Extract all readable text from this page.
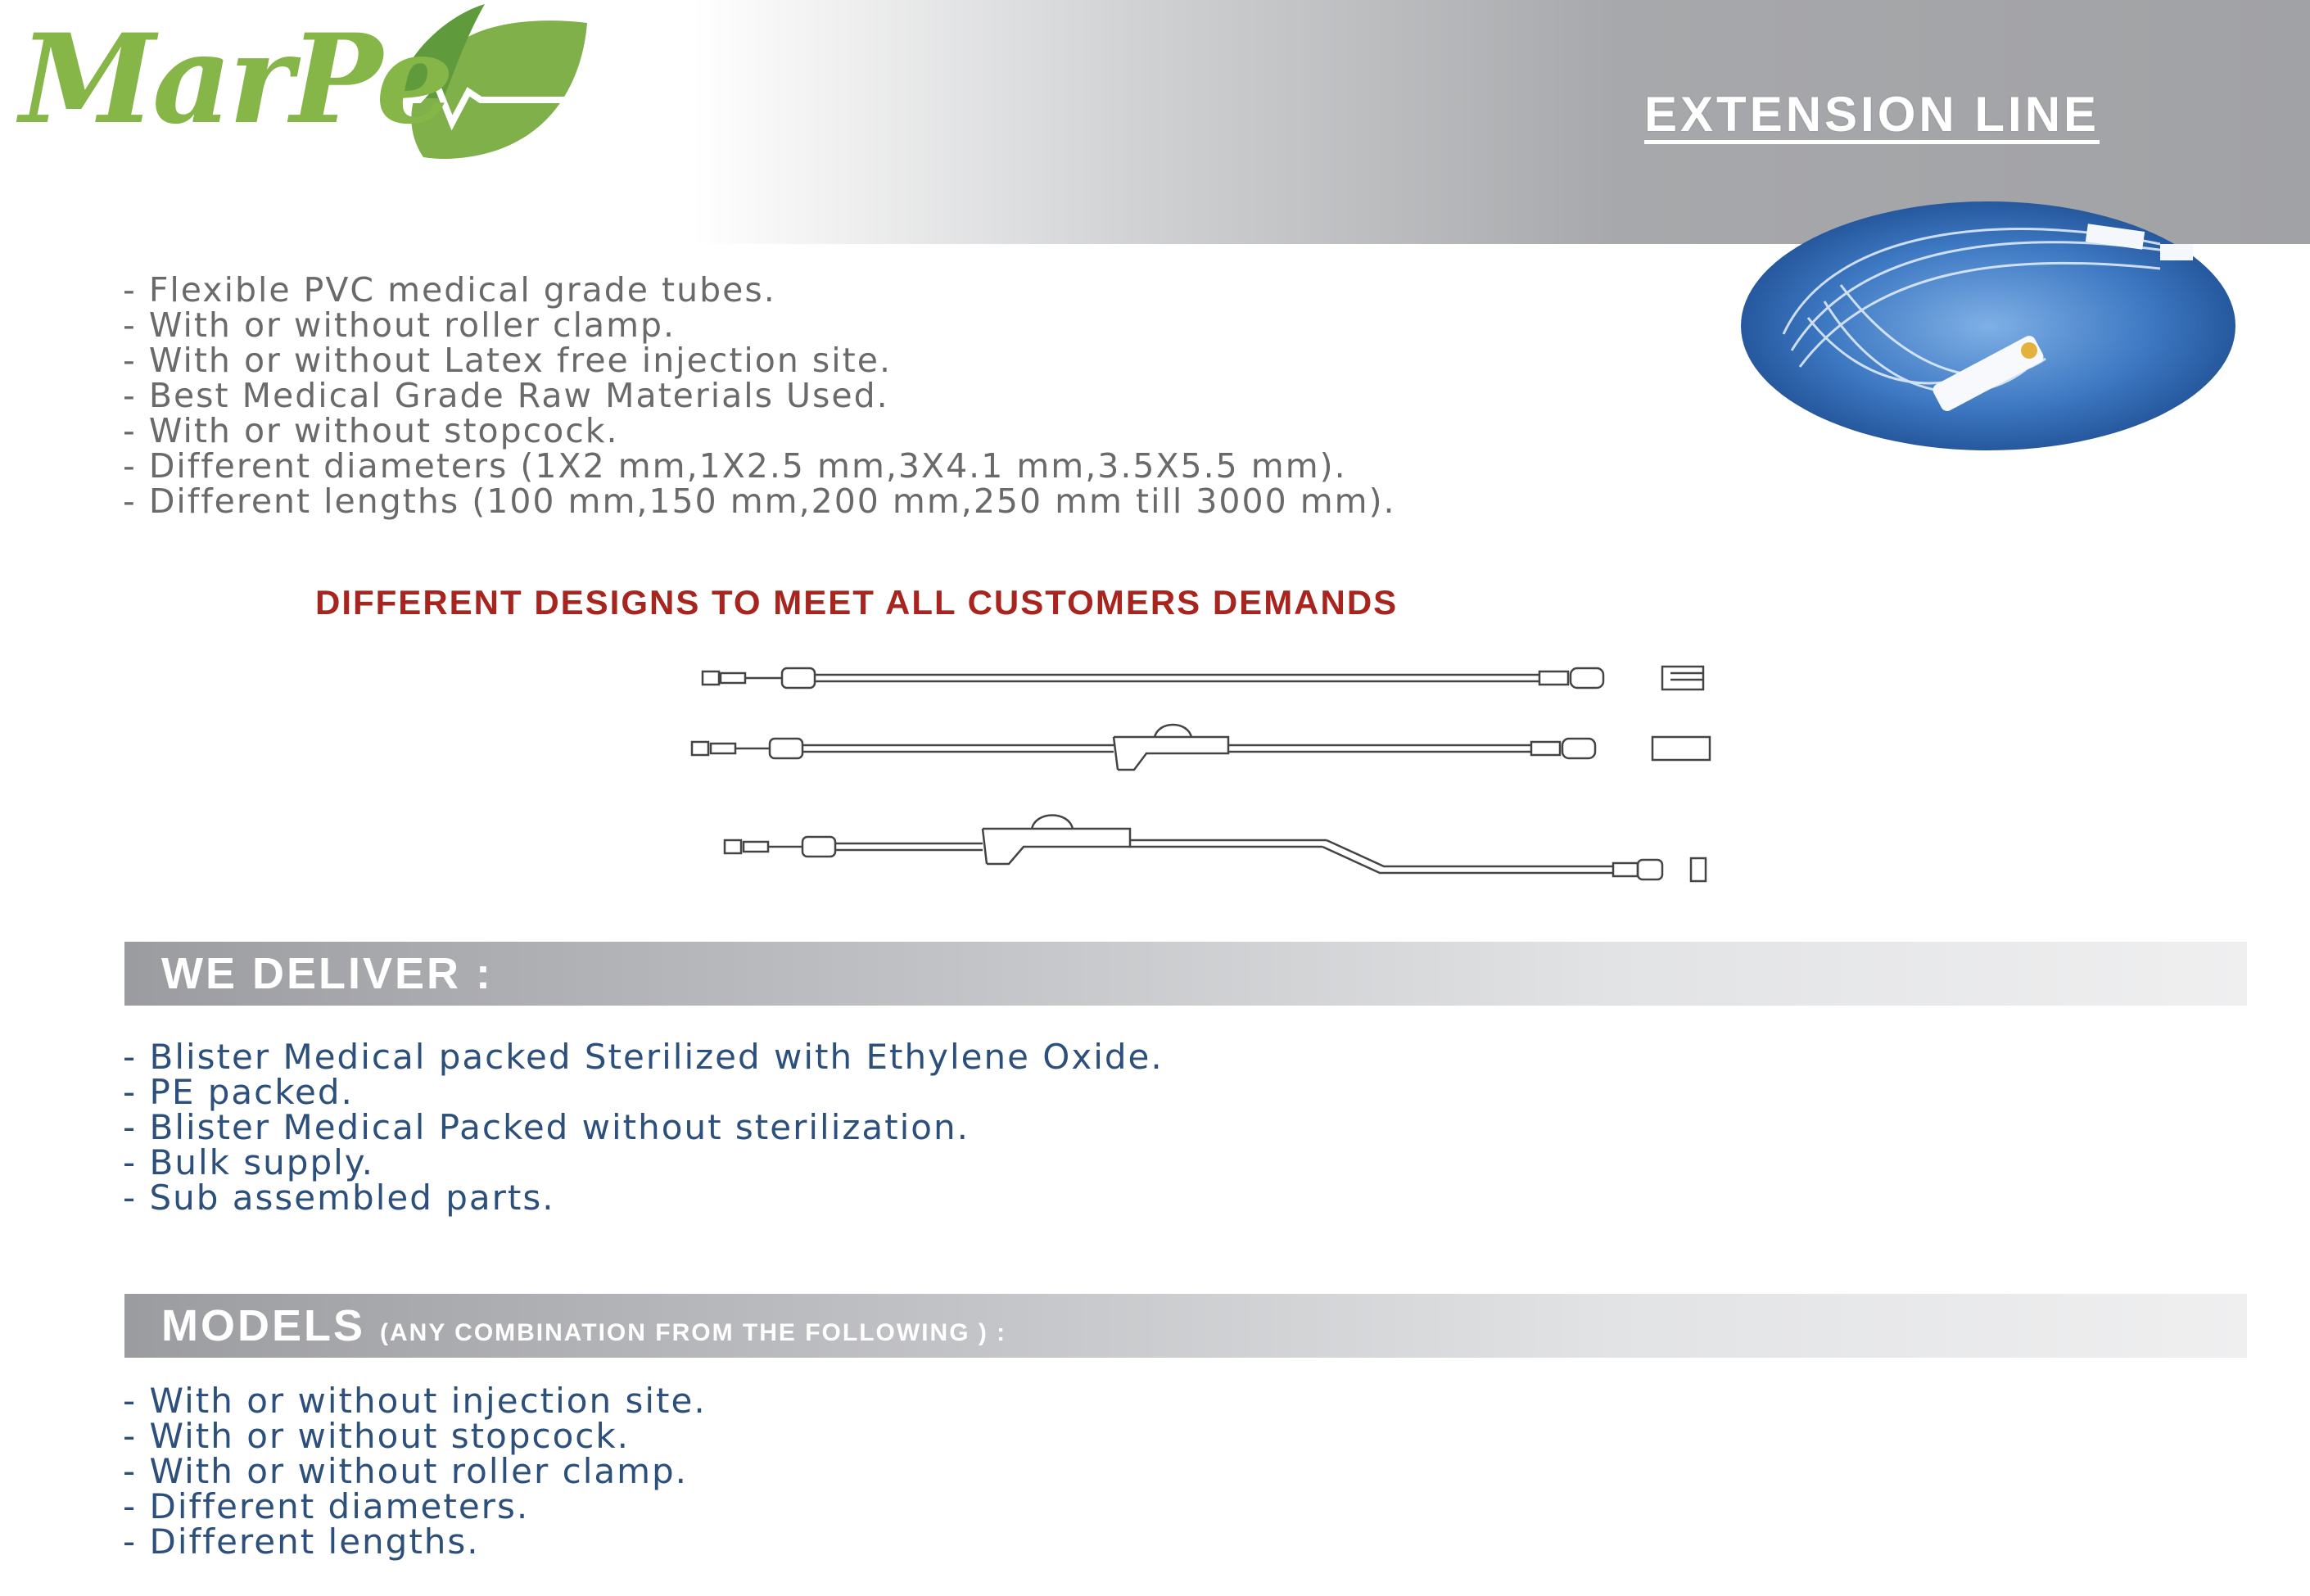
MarPe	EXTENSION LINE
- Flexible PVC medical grade tubes.
- With or without roller clamp.
- With or without Latex free injection site.
- Best Medical Grade Raw Materials Used.
- With or without stopcock.
- Different diameters (1X2 mm,1X2.5 mm,3X4.1 mm,3.5X5.5 mm).
- Different lengths (100 mm,150 mm,200 mm,250 mm till 3000 mm).
DIFFERENT DESIGNS TO MEET ALL CUSTOMERS DEMANDS
WE DELIVER :
- Blister Medical packed Sterilized with Ethylene Oxide.
- PE packed.
- Blister Medical Packed without sterilization.
- Bulk supply.
- Sub assembled parts.
MODELS (ANY COMBINATION FROM THE FOLLOWING ) :
- With or without injection site.
- With or without stopcock.
- With or without roller clamp.
- Different diameters.
- Different lengths.
